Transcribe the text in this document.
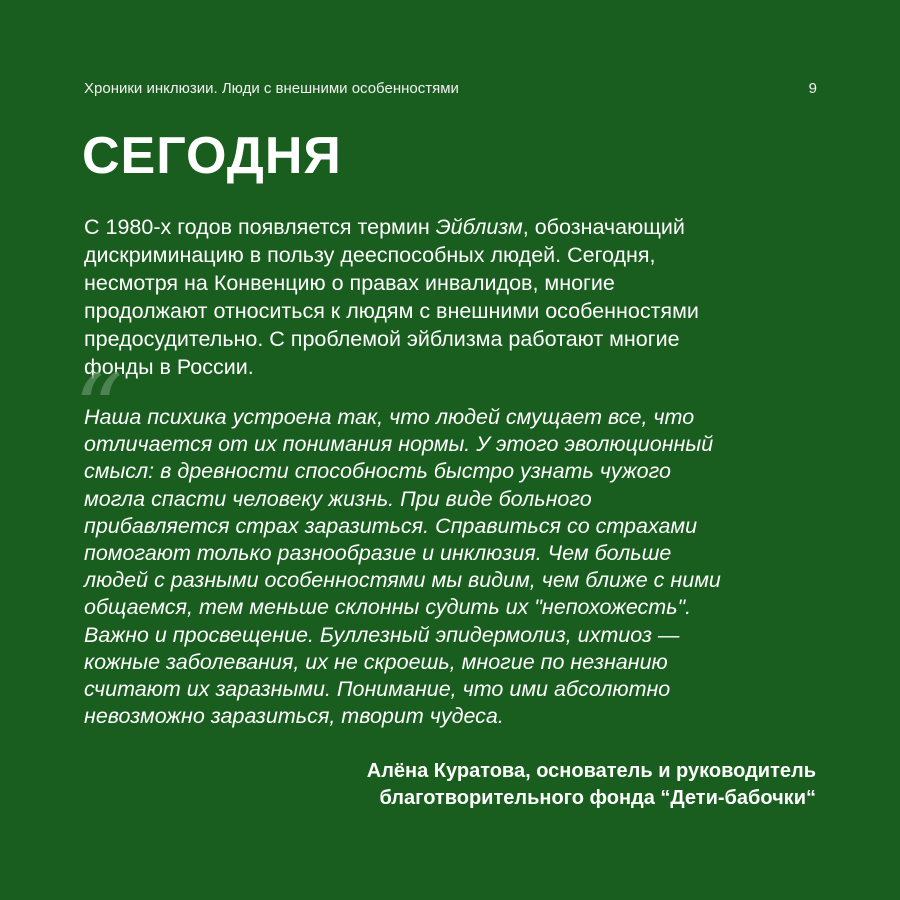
Хроники инклюзии. Люди с внешними особенностями	9
СЕГОДНЯ

С 1980-х годов появляется термин Эйблизм, обозначающий
дискриминацию в пользу дееспособных людей. Сегодня,
несмотря на Конвенцию о правах инвалидов, многие
продолжают относиться к людям с внешними особенностями
предосудительно. С проблемой эйблизма работают многие
фонды в России.

“

Наша психика устроена так, что людей смущает все, что
отличается от их понимания нормы. У этого эволюционный
смысл: в древности способность быстро узнать чужого
могла спасти человеку жизнь. При виде больного
прибавляется страх заразиться. Справиться со страхами
помогают только разнообразие и инклюзия. Чем больше
людей с разными особенностями мы видим, чем ближе с ними
общаемся, тем меньше склонны судить их "непохожесть".
Важно и просвещение. Буллезный эпидермолиз, ихтиоз —
кожные заболевания, их не скроешь, многие по незнанию
считают их заразными. Понимание, что ими абсолютно
невозможно заразиться, творит чудеса.

Алёна Куратова, основатель и руководитель
благотворительного фонда “Дети-бабочки“
